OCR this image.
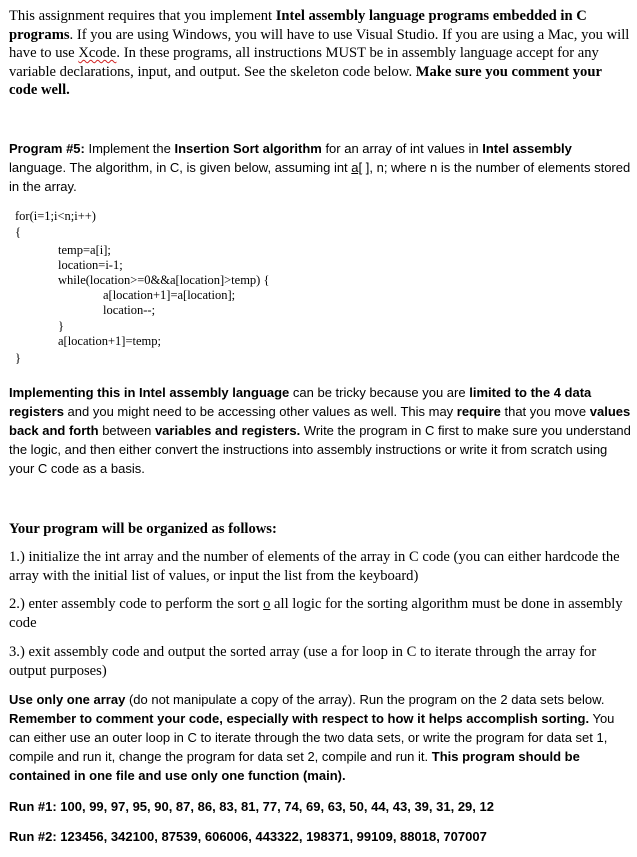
This assignment requires that you implement Intel assembly language programs embedded in C programs. If you are using Windows, you will have to use Visual Studio. If you are using a Mac, you will have to use Xcode. In these programs, all instructions MUST be in assembly language accept for any variable declarations, input, and output. See the skeleton code below. Make sure you comment your code well.

Program #5: Implement the Insertion Sort algorithm for an array of int values in Intel assembly language. The algorithm, in C, is given below, assuming int a[ ], n; where n is the number of elements stored in the array.

for(i=1;i<n;i++)
{
temp=a[i];
location=i-1;
while(location>=0&&a[location]>temp) {
a[location+1]=a[location];
location--;
}
a[location+1]=temp;
}

Implementing this in Intel assembly language can be tricky because you are limited to the 4 data registers and you might need to be accessing other values as well. This may require that you move values back and forth between variables and registers. Write the program in C first to make sure you understand the logic, and then either convert the instructions into assembly instructions or write it from scratch using your C code as a basis.

Your program will be organized as follows:

1.) initialize the int array and the number of elements of the array in C code (you can either hardcode the array with the initial list of values, or input the list from the keyboard)

2.) enter assembly code to perform the sort o all logic for the sorting algorithm must be done in assembly code

3.) exit assembly code and output the sorted array (use a for loop in C to iterate through the array for output purposes)

Use only one array (do not manipulate a copy of the array). Run the program on the 2 data sets below. Remember to comment your code, especially with respect to how it helps accomplish sorting. You can either use an outer loop in C to iterate through the two data sets, or write the program for data set 1, compile and run it, change the program for data set 2, compile and run it. This program should be contained in one file and use only one function (main).

Run #1: 100, 99, 97, 95, 90, 87, 86, 83, 81, 77, 74, 69, 63, 50, 44, 43, 39, 31, 29, 12

Run #2: 123456, 342100, 87539, 606006, 443322, 198371, 99109, 88018, 707007
